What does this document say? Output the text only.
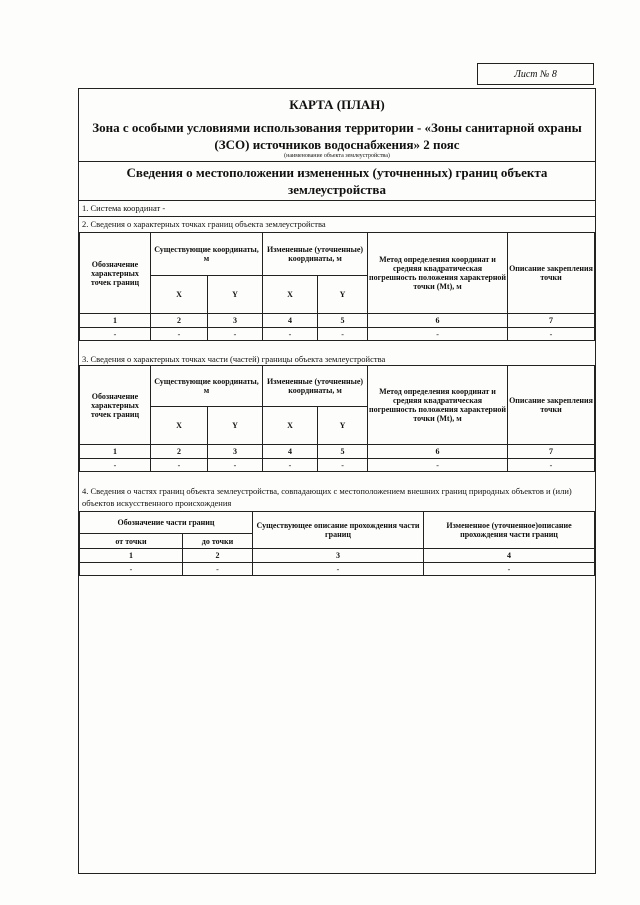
Лист № 8
КАРТА (ПЛАН)
Зона с особыми условиями использования территории - «Зоны санитарной охраны (ЗСО) источников водоснабжения» 2 пояс
(наименование объекта землеустройства)
Сведения о местоположении измененных (уточненных) границ объекта землеустройства
1. Система координат -
2. Сведения о характерных точках границ объекта землеустройства
Обозначение характерных точек границ	Существующие координаты, м		Измененные (уточненные) координаты, м		Метод определения координат и средняя квадратическая погрешность положения характерной точки (Mt), м	Описание закрепления точки
	X	Y	X	Y		
1	2	3	4	5	6	7
-	-	-	-	-	-	-
3. Сведения о характерных точках части (частей) границы объекта землеустройства
Обозначение характерных точек границ	Существующие координаты, м		Измененные (уточненные) координаты, м		Метод определения координат и средняя квадратическая погрешность положения характерной точки (Mt), м	Описание закрепления точки
	X	Y	X	Y		
1	2	3	4	5	6	7
-	-	-	-	-	-	-
4. Сведения о частях границ объекта землеустройства, совпадающих с местоположением внешних границ природных объектов и (или) объектов искусственного происхождения
Обозначение части границ		Существующее описание прохождения части границ	Измененное (уточненное)описание прохождения части границ
от точки	до точки		
1	2	3	4
-	-	-	-
